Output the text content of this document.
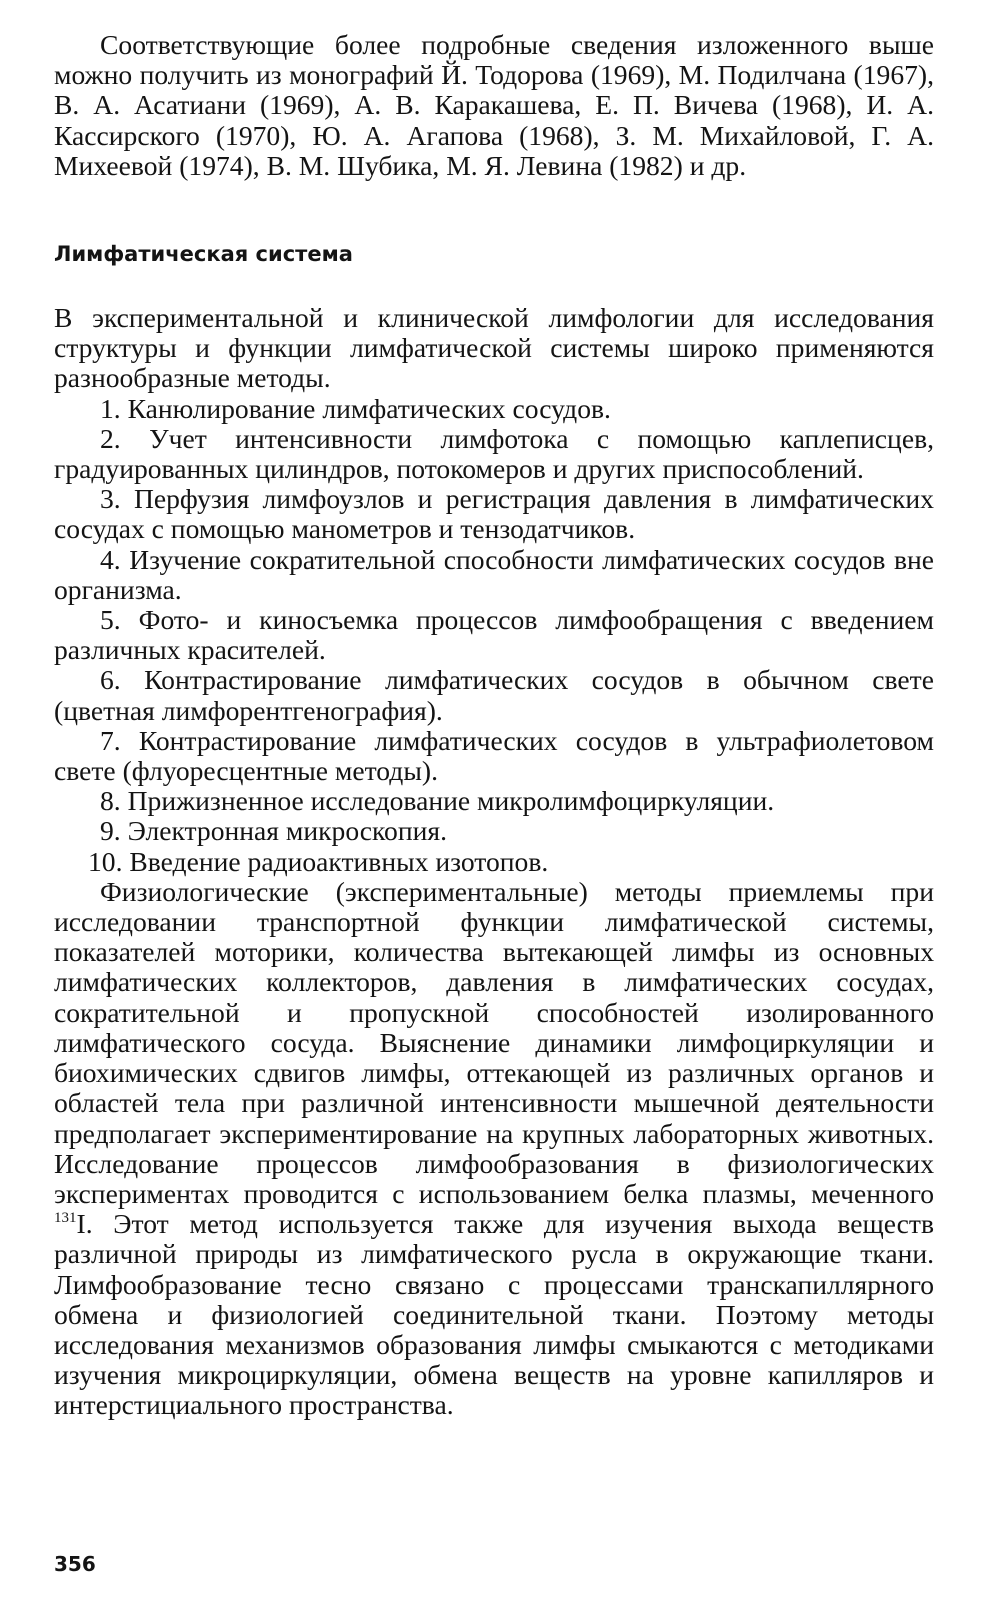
Соответствующие более подробные сведения изложенного выше можно получить из монографий Й. Тодорова (1969), М. Подилчана (1967), В. А. Асатиани (1969), А. В. Каракашева, Е. П. Вичева (1968), И. А. Кассирского (1970), Ю. А. Агапова (1968), З. М. Михайловой, Г. А. Михеевой (1974), В. М. Шубика, М. Я. Левина (1982) и др.

Лимфатическая система

В экспериментальной и клинической лимфологии для исследования структуры и функции лимфатической системы широко применяются разнообразные методы.

1. Канюлирование лимфатических сосудов.
2. Учет интенсивности лимфотока с помощью каплеписцев, градуированных цилиндров, потокомеров и других приспособлений.
3. Перфузия лимфоузлов и регистрация давления в лимфатических сосудах с помощью манометров и тензодатчиков.
4. Изучение сократительной способности лимфатических сосудов вне организма.
5. Фото- и киносъемка процессов лимфообращения с введением различных красителей.
6. Контрастирование лимфатических сосудов в обычном свете (цветная лимфорентгенография).
7. Контрастирование лимфатических сосудов в ультрафиолетовом свете (флуоресцентные методы).
8. Прижизненное исследование микролимфоциркуляции.
9. Электронная микроскопия.
10. Введение радиоактивных изотопов.

Физиологические (экспериментальные) методы приемлемы при исследовании транспортной функции лимфатической системы, показателей моторики, количества вытекающей лимфы из основных лимфатических коллекторов, давления в лимфатических сосудах, сократительной и пропускной способностей изолированного лимфатического сосуда. Выяснение динамики лимфоциркуляции и биохимических сдвигов лимфы, оттекающей из различных органов и областей тела при различной интенсивности мышечной деятельности предполагает экспериментирование на крупных лабораторных животных. Исследование процессов лимфообразования в физиологических экспериментах проводится с использованием белка плазмы, меченного $^{131}$I. Этот метод используется также для изучения выхода веществ различной природы из лимфатического русла в окружающие ткани. Лимфообразование тесно связано с процессами транскапиллярного обмена и физиологией соединительной ткани. Поэтому методы исследования механизмов образования лимфы смыкаются с методиками изучения микроциркуляции, обмена веществ на уровне капилляров и интерстициального пространства.

356
